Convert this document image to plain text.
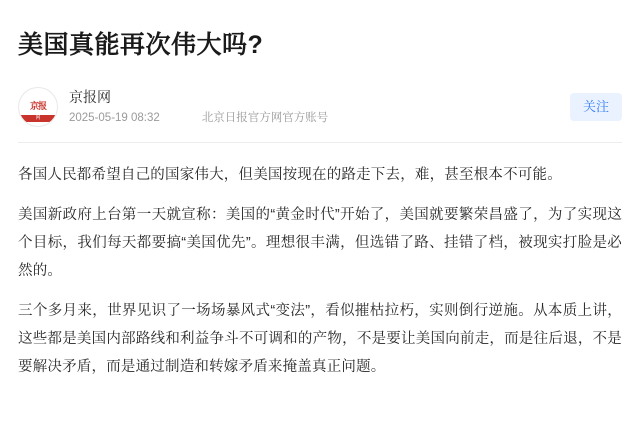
美国真能再次伟大吗?
京报
网
京报网
2025-05-19 08:32	北京日报官方网官方账号
关注

各国人民都希望自己的国家伟大，但美国按现在的路走下去，难，甚至根本不可能。

美国新政府上台第一天就宣称：美国的“黄金时代”开始了，美国就要繁荣昌盛了，为了实现这个目标，我们每天都要搞“美国优先”。理想很丰满，但选错了路、挂错了档，被现实打脸是必然的。

三个多月来，世界见识了一场场暴风式“变法”，看似摧枯拉朽，实则倒行逆施。从本质上讲，这些都是美国内部路线和利益争斗不可调和的产物，不是要让美国向前走，而是往后退，不是要解决矛盾，而是通过制造和转嫁矛盾来掩盖真正问题。
